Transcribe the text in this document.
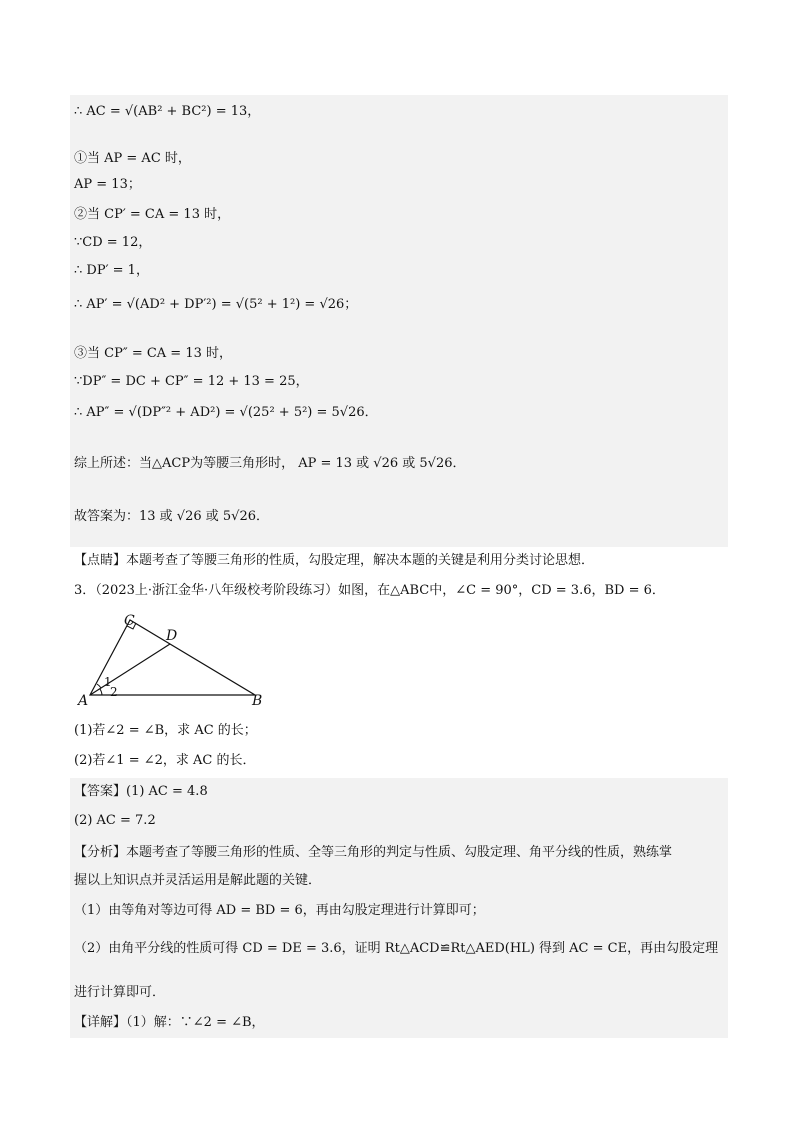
∴ AC = √(AB² + BC²) = 13，
①当 AP = AC 时，
AP = 13；
②当 CP′ = CA = 13 时，
∵CD = 12，
∴ DP′ = 1，
∴ AP′ = √(AD² + DP′²) = √(5² + 1²) = √26；
③当 CP″ = CA = 13 时，
∵DP″ = DC + CP″ = 12 + 13 = 25，
∴ AP″ = √(DP″² + AD²) = √(25² + 5²) = 5√26．
综上所述：当△ACP为等腰三角形时， AP = 13 或 √26 或 5√26．
故答案为：13 或 √26 或 5√26．
【点睛】本题考查了等腰三角形的性质，勾股定理，解决本题的关键是利用分类讨论思想．
3．（2023上·浙江金华·八年级校考阶段练习）如图，在△ABC中，∠C = 90°，CD = 3.6，BD = 6．
C
D
A	B
1
2
(1)若∠2 = ∠B，求 AC 的长；
(2)若∠1 = ∠2，求 AC 的长．
【答案】(1) AC = 4.8
(2) AC = 7.2
【分析】本题考查了等腰三角形的性质、全等三角形的判定与性质、勾股定理、角平分线的性质，熟练掌
握以上知识点并灵活运用是解此题的关键．
（1）由等角对等边可得 AD = BD = 6，再由勾股定理进行计算即可；
（2）由角平分线的性质可得 CD = DE = 3.6，证明 Rt△ACD≌Rt△AED(HL) 得到 AC = CE，再由勾股定理
进行计算即可．
【详解】（1）解：∵∠2 = ∠B，
